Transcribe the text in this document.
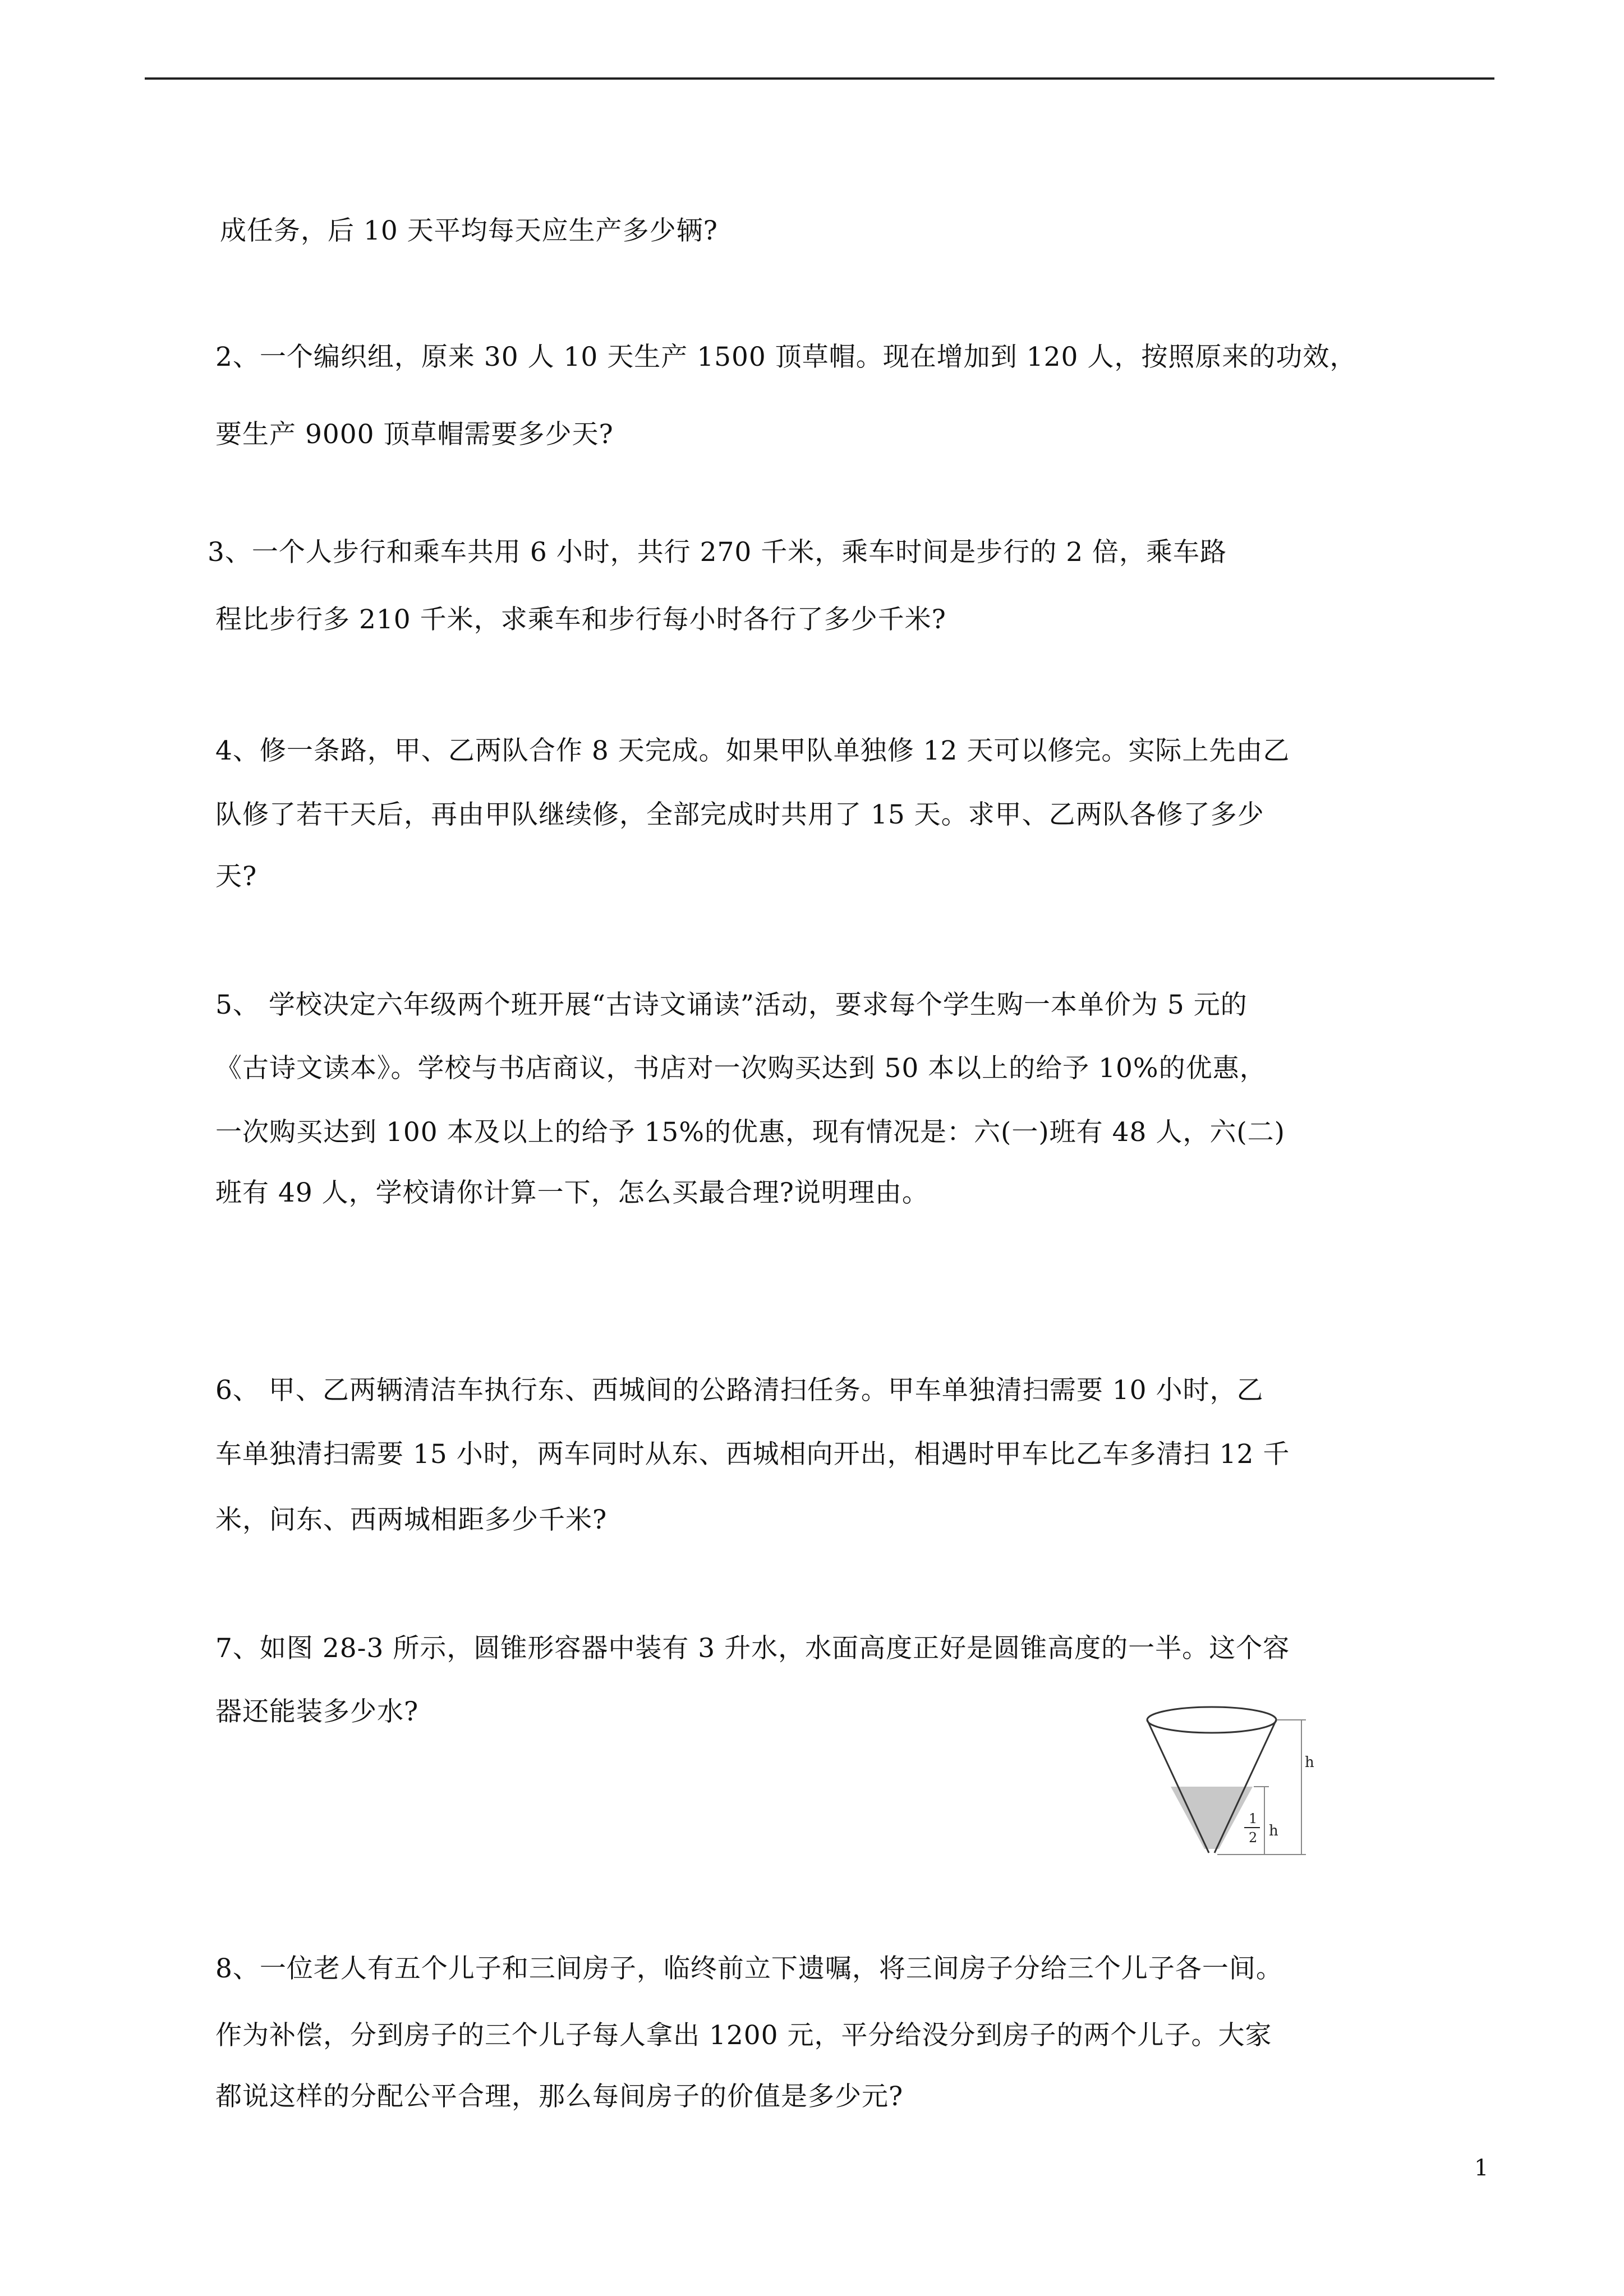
成任务，后 10 天平均每天应生产多少辆?
2、一个编织组，原来 30 人 10 天生产 1500 顶草帽。现在增加到 120 人，按照原来的功效，
要生产 9000 顶草帽需要多少天?
3、一个人步行和乘车共用 6 小时，共行 270 千米，乘车时间是步行的 2 倍，乘车路
程比步行多 210 千米，求乘车和步行每小时各行了多少千米?
4、修一条路，甲、乙两队合作 8 天完成。如果甲队单独修 12 天可以修完。实际上先由乙
队修了若干天后，再由甲队继续修，全部完成时共用了 15 天。求甲、乙两队各修了多少
天?
5、 学校决定六年级两个班开展“古诗文诵读”活动，要求每个学生购一本单价为 5 元的
《古诗文读本》。学校与书店商议，书店对一次购买达到 50 本以上的给予 10%的优惠，
一次购买达到 100 本及以上的给予 15%的优惠，现有情况是：六(一)班有 48 人，六(二)
班有 49 人，学校请你计算一下，怎么买最合理?说明理由。
6、 甲、乙两辆清洁车执行东、西城间的公路清扫任务。甲车单独清扫需要 10 小时，乙
车单独清扫需要 15 小时，两车同时从东、西城相向开出，相遇时甲车比乙车多清扫 12 千
米，问东、西两城相距多少千米?
7、如图 28-3 所示，圆锥形容器中装有 3 升水，水面高度正好是圆锥高度的一半。这个容
器还能装多少水?
h
1
2 h
8、一位老人有五个儿子和三间房子，临终前立下遗嘱，将三间房子分给三个儿子各一间。
作为补偿，分到房子的三个儿子每人拿出 1200 元，平分给没分到房子的两个儿子。大家
都说这样的分配公平合理，那么每间房子的价值是多少元?
1
